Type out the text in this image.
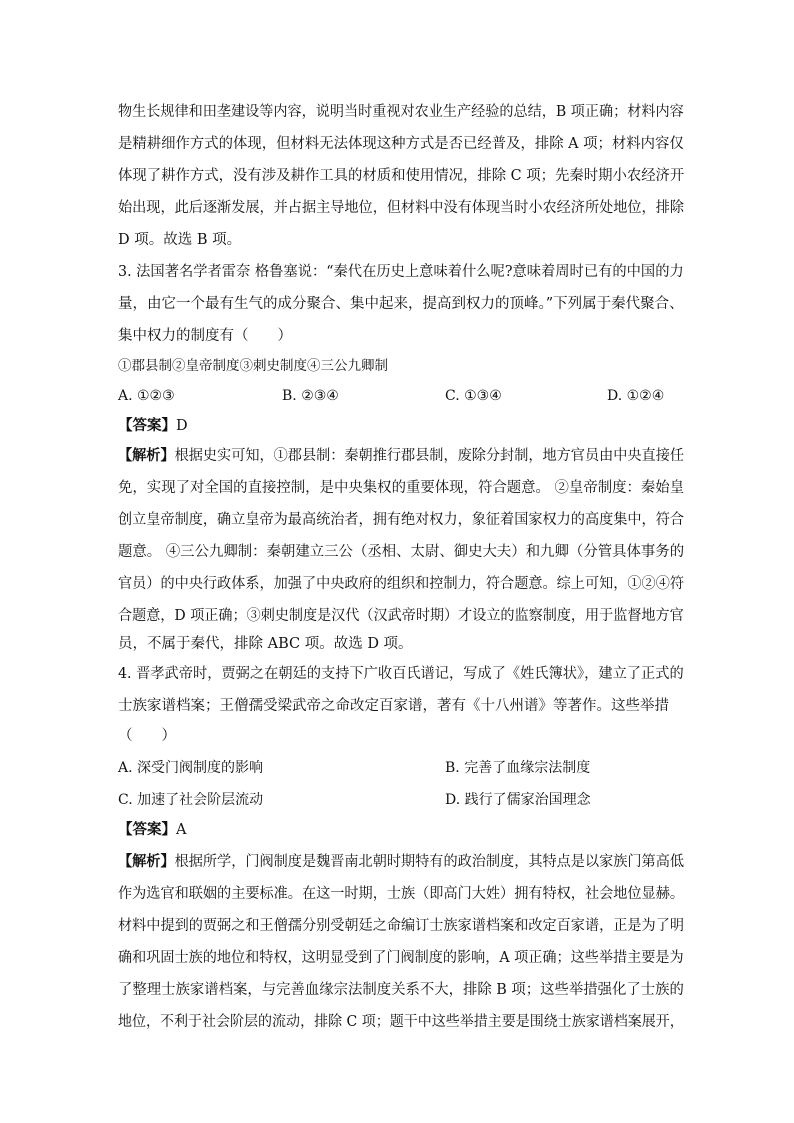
物生长规律和田垄建设等内容，说明当时重视对农业生产经验的总结，B 项正确；材料内容
是精耕细作方式的体现，但材料无法体现这种方式是否已经普及，排除 A 项；材料内容仅
体现了耕作方式，没有涉及耕作工具的材质和使用情况，排除 C 项；先秦时期小农经济开
始出现，此后逐渐发展，并占据主导地位，但材料中没有体现当时小农经济所处地位，排除
D 项。故选 B 项。
3. 法国著名学者雷奈 格鲁塞说：“秦代在历史上意味着什么呢?意味着周时已有的中国的力
量，由它一个最有生气的成分聚合、集中起来，提高到权力的顶峰。”下列属于秦代聚合、
集中权力的制度有（　　）
①郡县制②皇帝制度③刺史制度④三公九卿制
A. ①②③	B. ②③④	C. ①③④	D. ①②④
【答案】D
【解析】根据史实可知，①郡县制：秦朝推行郡县制，废除分封制，地方官员由中央直接任
免，实现了对全国的直接控制，是中央集权的重要体现，符合题意。 ②皇帝制度：秦始皇
创立皇帝制度，确立皇帝为最高统治者，拥有绝对权力，象征着国家权力的高度集中，符合
题意。 ④三公九卿制：秦朝建立三公（丞相、太尉、御史大夫）和九卿（分管具体事务的
官员）的中央行政体系，加强了中央政府的组织和控制力，符合题意。综上可知，①②④符
合题意，D 项正确；③刺史制度是汉代（汉武帝时期）才设立的监察制度，用于监督地方官
员，不属于秦代，排除 ABC 项。故选 D 项。
4. 晋孝武帝时，贾弼之在朝廷的支持下广收百氏谱记，写成了《姓氏簿状》，建立了正式的
士族家谱档案；王僧孺受梁武帝之命改定百家谱，著有《十八州谱》等著作。这些举措
（　　）
A. 深受门阀制度的影响	B. 完善了血缘宗法制度
C. 加速了社会阶层流动	D. 践行了儒家治国理念
【答案】A
【解析】根据所学，门阀制度是魏晋南北朝时期特有的政治制度，其特点是以家族门第高低
作为选官和联姻的主要标准。在这一时期，士族（即高门大姓）拥有特权，社会地位显赫。
材料中提到的贾弼之和王僧孺分别受朝廷之命编订士族家谱档案和改定百家谱，正是为了明
确和巩固士族的地位和特权，这明显受到了门阀制度的影响，A 项正确；这些举措主要是为
了整理士族家谱档案，与完善血缘宗法制度关系不大，排除 B 项；这些举措强化了士族的
地位，不利于社会阶层的流动，排除 C 项；题干中这些举措主要是围绕士族家谱档案展开，
